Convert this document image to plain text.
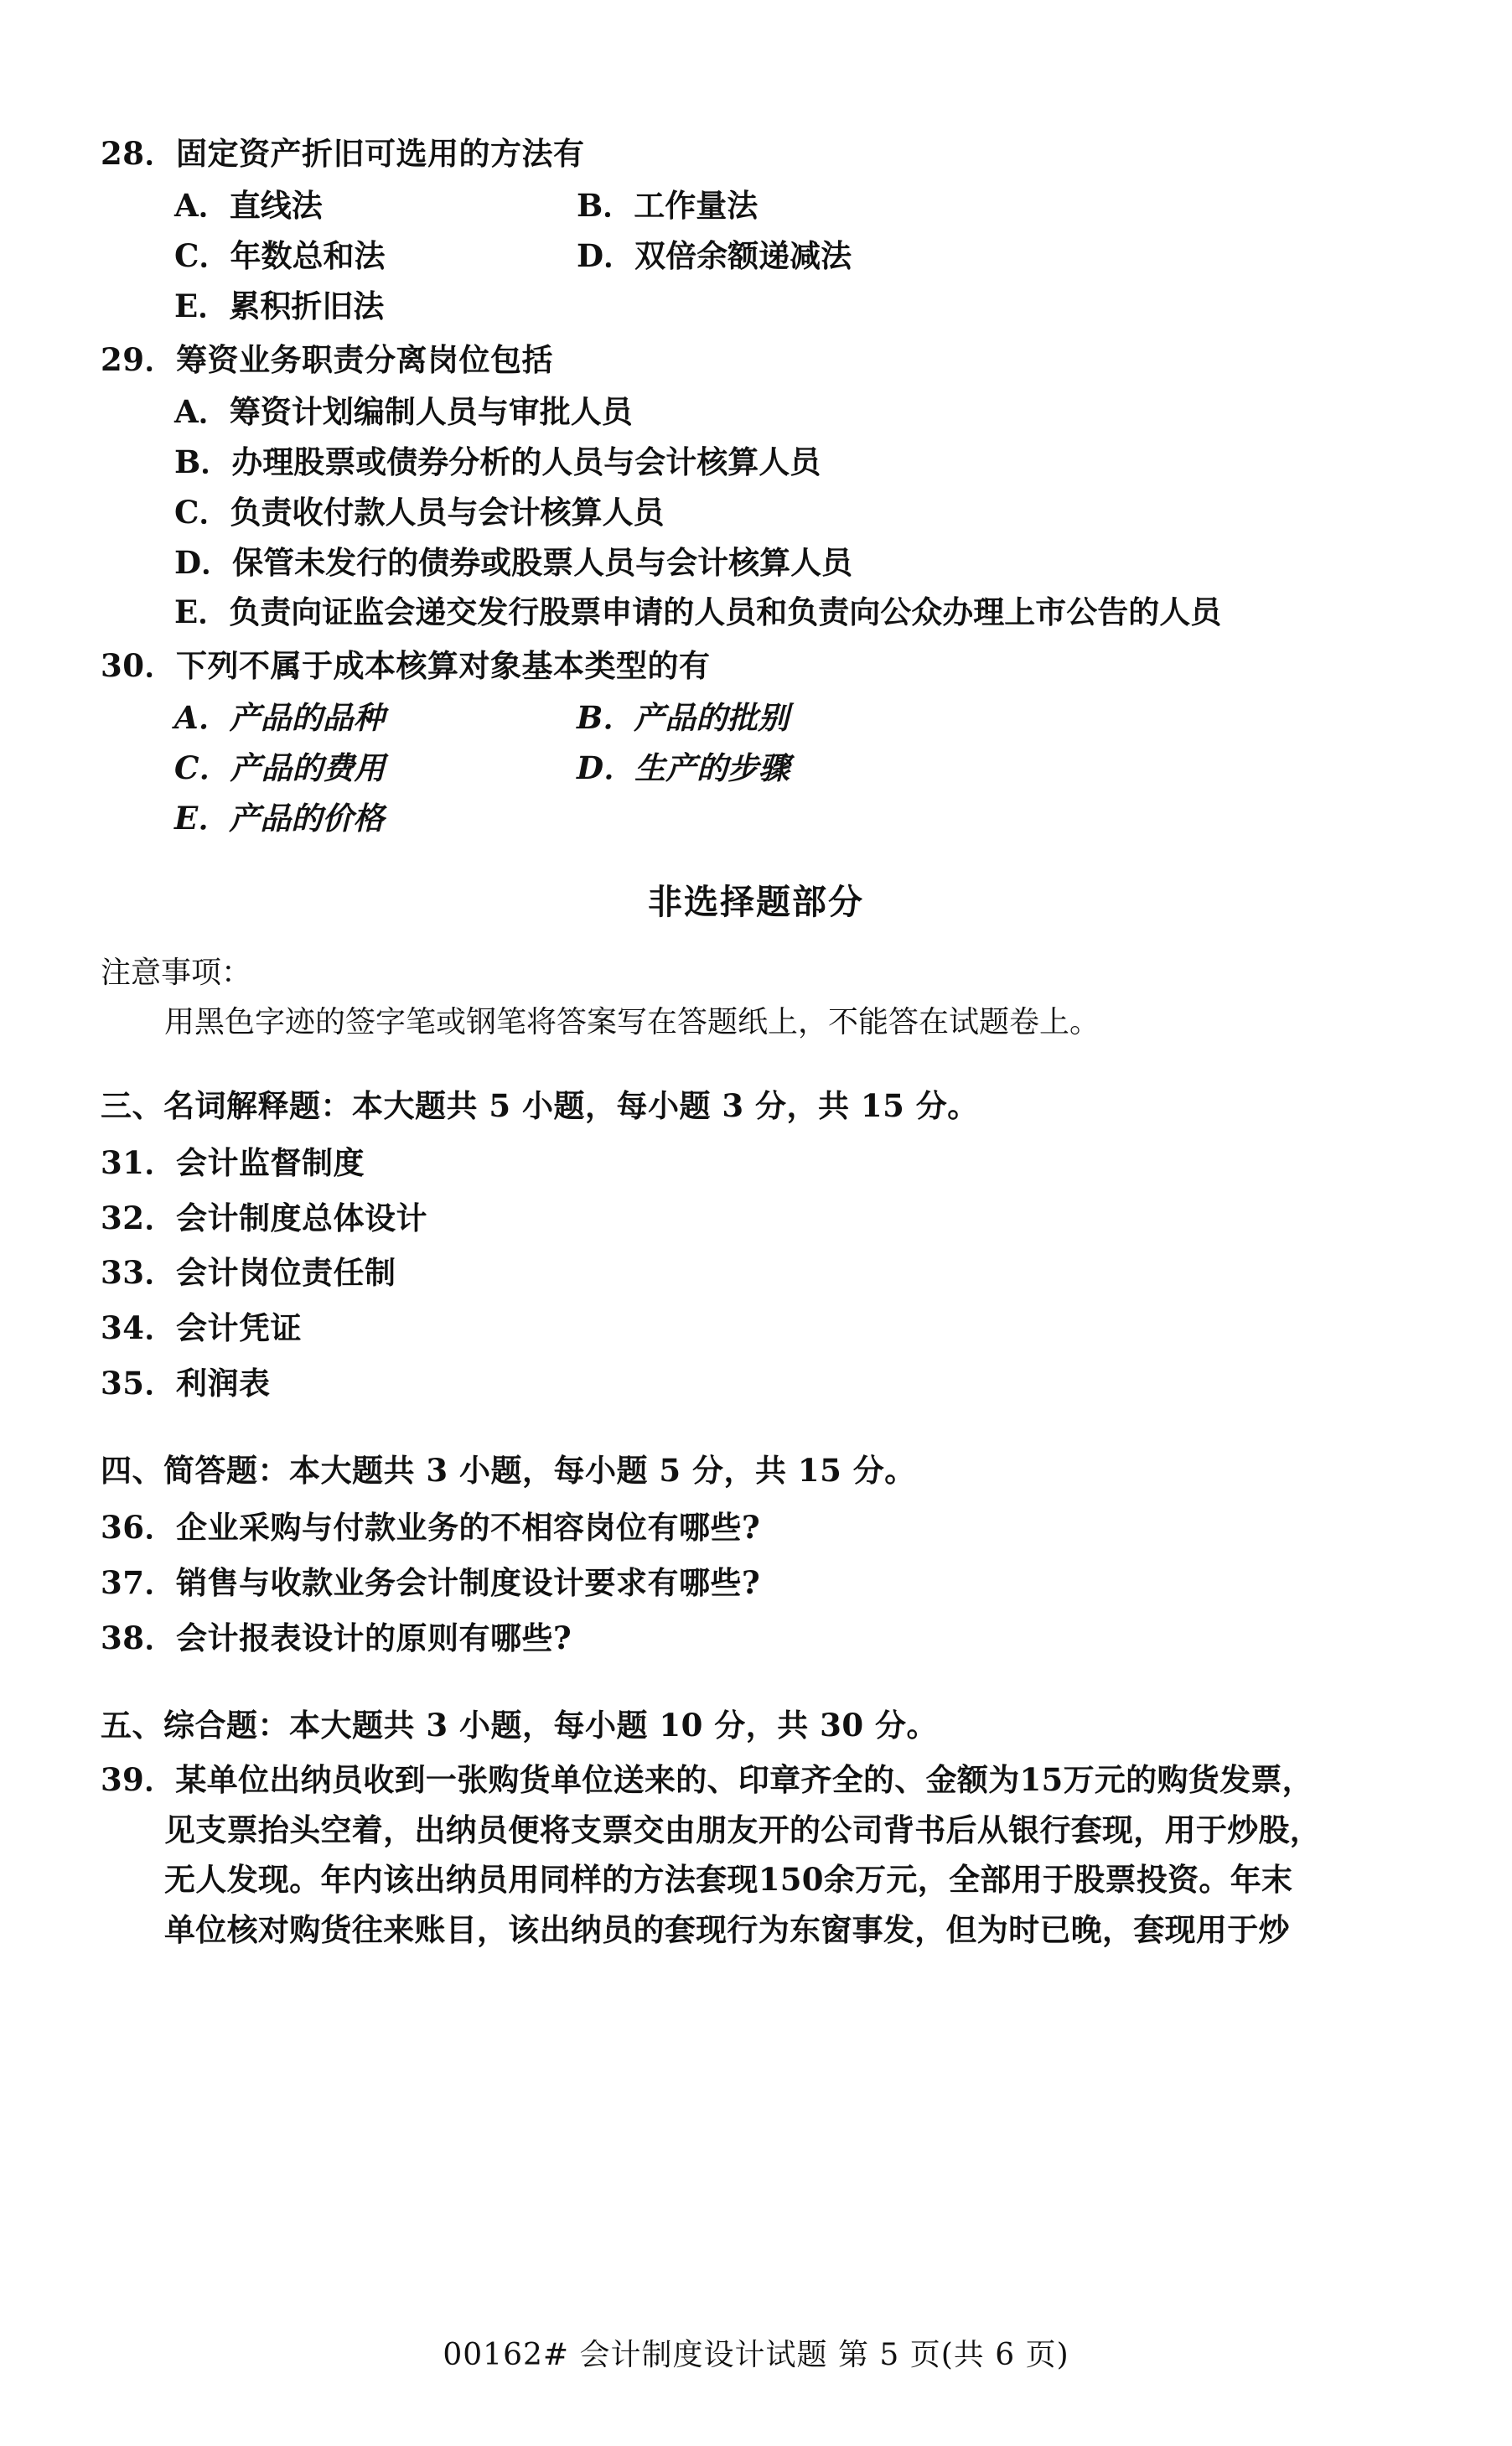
28．固定资产折旧可选用的方法有
A．直线法	B．工作量法
C．年数总和法	D．双倍余额递减法
E．累积折旧法
29．筹资业务职责分离岗位包括
A．筹资计划编制人员与审批人员
B．办理股票或债券分析的人员与会计核算人员
C．负责收付款人员与会计核算人员
D．保管未发行的债券或股票人员与会计核算人员
E．负责向证监会递交发行股票申请的人员和负责向公众办理上市公告的人员
30．下列不属于成本核算对象基本类型的有
A．产品的品种	B．产品的批别
C．产品的费用	D．生产的步骤
E．产品的价格
非选择题部分
注意事项：
用黑色字迹的签字笔或钢笔将答案写在答题纸上，不能答在试题卷上。
三、名词解释题：本大题共 5 小题，每小题 3 分，共 15 分。
31．会计监督制度
32．会计制度总体设计
33．会计岗位责任制
34．会计凭证
35．利润表
四、简答题：本大题共 3 小题，每小题 5 分，共 15 分。
36．企业采购与付款业务的不相容岗位有哪些?
37．销售与收款业务会计制度设计要求有哪些?
38．会计报表设计的原则有哪些?
五、综合题：本大题共 3 小题，每小题 10 分，共 30 分。
39．某单位出纳员收到一张购货单位送来的、印章齐全的、金额为15万元的购货发票，
见支票抬头空着，出纳员便将支票交由朋友开的公司背书后从银行套现，用于炒股，
无人发现。年内该出纳员用同样的方法套现150余万元，全部用于股票投资。年末
单位核对购货往来账目，该出纳员的套现行为东窗事发，但为时已晚，套现用于炒
00162# 会计制度设计试题 第 5 页(共 6 页)
